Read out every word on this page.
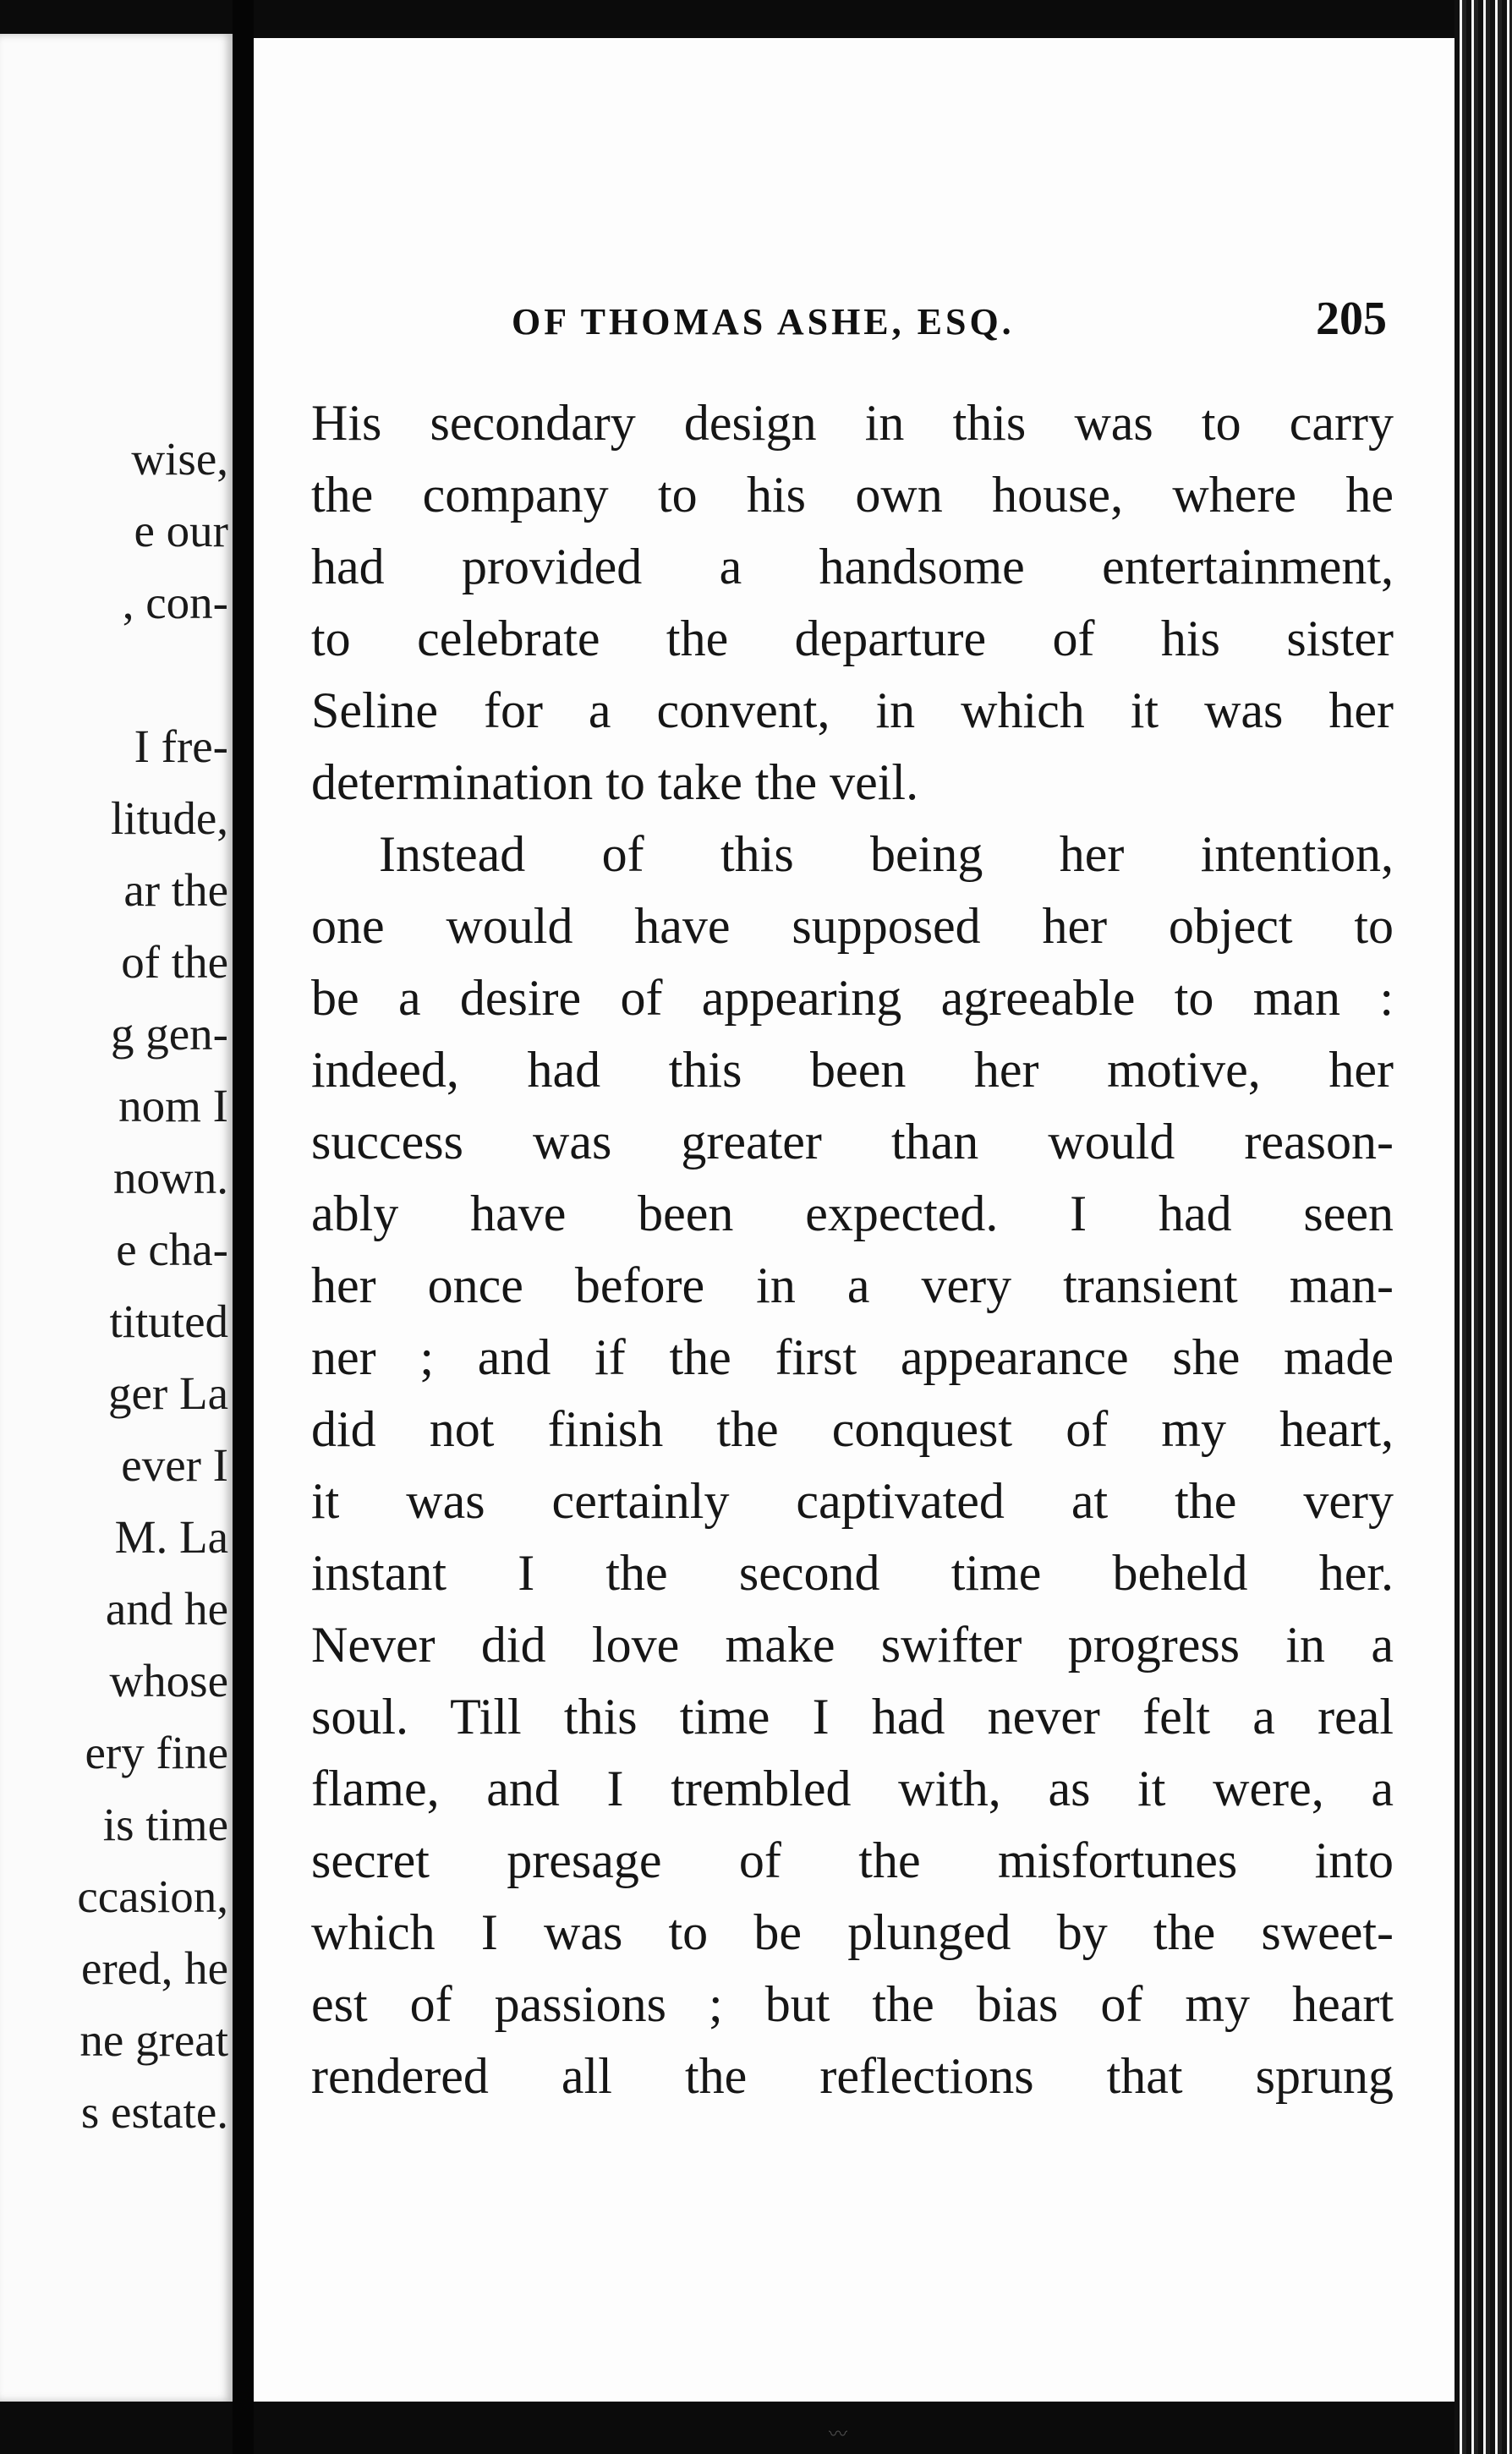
wise,
e our
, con-
I fre-
litude,
ar the
of the
g gen-
nom I
nown.
e cha-
tituted
ger La
ever I
M. La
and he
whose
ery fine
is time
ccasion,
ered, he
ne great
s estate.
OF THOMAS ASHE, ESQ.	205
His secondary design in this was to carry
the company to his own house, where he
had provided a handsome entertainment,
to celebrate the departure of his sister
Seline for a convent, in which it was her
determination to take the veil.
Instead of this being her intention,
one would have supposed her object to
be a desire of appearing agreeable to man :
indeed, had this been her motive, her
success was greater than would reason-
ably have been expected. I had seen
her once before in a very transient man-
ner ; and if the first appearance she made
did not finish the conquest of my heart,
it was certainly captivated at the very
instant I the second time beheld her.
Never did love make swifter progress in a
soul. Till this time I had never felt a real
flame, and I trembled with, as it were, a
secret presage of the misfortunes into
which I was to be plunged by the sweet-
est of passions ; but the bias of my heart
rendered all the reflections that sprung
〰
